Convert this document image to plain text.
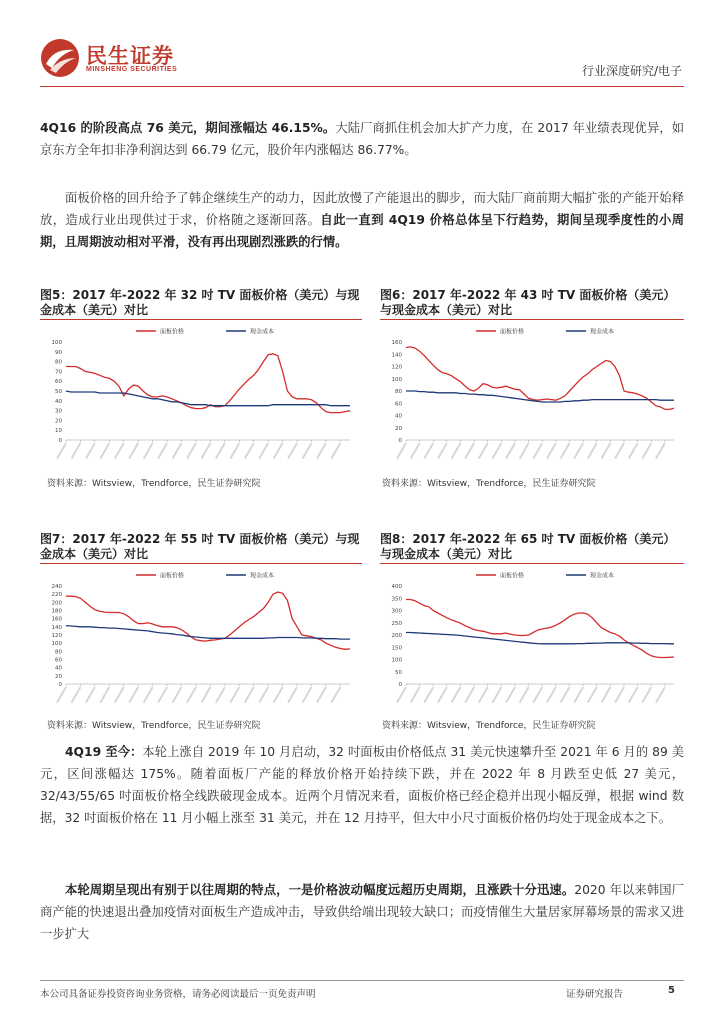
民生证券
MINSHENG SECURITIES	行业深度研究/电子
4Q16 的阶段高点 76 美元，期间涨幅达 46.15%。大陆厂商抓住机会加大扩产力度，在 2017 年业绩表现优异，如京东方全年扣非净利润达到 66.79 亿元，股价年内涨幅达 86.77%。
面板价格的回升给予了韩企继续生产的动力，因此放慢了产能退出的脚步，而大陆厂商前期大幅扩张的产能开始释放，造成行业出现供过于求，价格随之逐渐回落。自此一直到 4Q19 价格总体呈下行趋势，期间呈现季度性的小周期，且周期波动相对平滑，没有再出现剧烈涨跌的行情。
图5：2017 年-2022 年 32 吋 TV 面板价格（美元）与现金成本（美元）对比
图6：2017 年-2022 年 43 吋 TV 面板价格（美元）与现金成本（美元）对比
面板价格	现金成本
0
10
20
30
40
50
60
70
80
90
100
面板价格	现金成本
0
20
40
60
80
100
120
140
160
资料来源：Witsview，Trendforce，民生证券研究院	资料来源：Witsview，Trendforce，民生证券研究院
图7：2017 年-2022 年 55 吋 TV 面板价格（美元）与现金成本（美元）对比
图8：2017 年-2022 年 65 吋 TV 面板价格（美元）与现金成本（美元）对比
面板价格	现金成本
0
20
40
60
80
100
120
140
160
180
200
220
240
面板价格	现金成本
0
50
100
150
200
250
300
350
400
资料来源：Witsview，Trendforce，民生证券研究院	资料来源：Witsview，Trendforce，民生证券研究院
4Q19 至今：本轮上涨自 2019 年 10 月启动，32 吋面板由价格低点 31 美元快速攀升至 2021 年 6 月的 89 美元，区间涨幅达 175%。随着面板厂产能的释放价格开始持续下跌，并在 2022 年 8 月跌至史低 27 美元，32/43/55/65 吋面板价格全线跌破现金成本。近两个月情况来看，面板价格已经企稳并出现小幅反弹，根据 wind 数据，32 吋面板价格在 11 月小幅上涨至 31 美元，并在 12 月持平，但大中小尺寸面板价格仍均处于现金成本之下。
本轮周期呈现出有别于以往周期的特点，一是价格波动幅度远超历史周期，且涨跌十分迅速。2020 年以来韩国厂商产能的快速退出叠加疫情对面板生产造成冲击，导致供给端出现较大缺口；而疫情催生大量居家屏幕场景的需求又进一步扩大
本公司具备证券投资咨询业务资格，请务必阅读最后一页免责声明	证券研究报告	5
